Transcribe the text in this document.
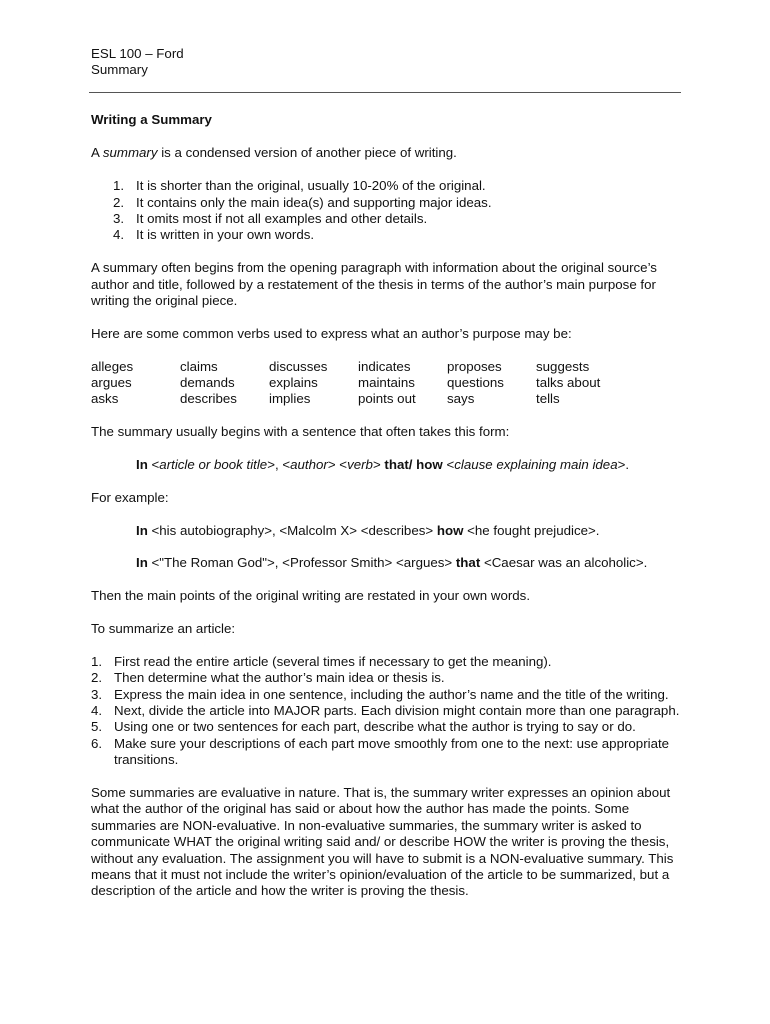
ESL 100 – Ford
Summary
Writing a Summary

A summary is a condensed version of another piece of writing.

1. It is shorter than the original, usually 10-20% of the original.
2. It contains only the main idea(s) and supporting major ideas.
3. It omits most if not all examples and other details.
4. It is written in your own words.

A summary often begins from the opening paragraph with information about the original source’s author and title, followed by a restatement of the thesis in terms of the author’s main purpose for writing the original piece.

Here are some common verbs used to express what an author’s purpose may be:

alleges	claims	discusses	indicates	proposes	suggests
argues	demands	explains	maintains	questions	talks about
asks	describes	implies	points out	says	tells

The summary usually begins with a sentence that often takes this form:

In <article or book title>, <author> <verb> that/ how <clause explaining main idea>.

For example:

In <his autobiography>, <Malcolm X> <describes> how <he fought prejudice>.

In <"The Roman God">, <Professor Smith> <argues> that <Caesar was an alcoholic>.

Then the main points of the original writing are restated in your own words.

To summarize an article:

1. First read the entire article (several times if necessary to get the meaning).
2. Then determine what the author’s main idea or thesis is.
3. Express the main idea in one sentence, including the author’s name and the title of the writing.
4. Next, divide the article into MAJOR parts. Each division might contain more than one paragraph.
5. Using one or two sentences for each part, describe what the author is trying to say or do.
6. Make sure your descriptions of each part move smoothly from one to the next: use appropriate transitions.

Some summaries are evaluative in nature. That is, the summary writer expresses an opinion about what the author of the original has said or about how the author has made the points. Some summaries are NON-evaluative. In non-evaluative summaries, the summary writer is asked to communicate WHAT the original writing said and/ or describe HOW the writer is proving the thesis, without any evaluation. The assignment you will have to submit is a NON-evaluative summary. This means that it must not include the writer’s opinion/evaluation of the article to be summarized, but a description of the article and how the writer is proving the thesis.
